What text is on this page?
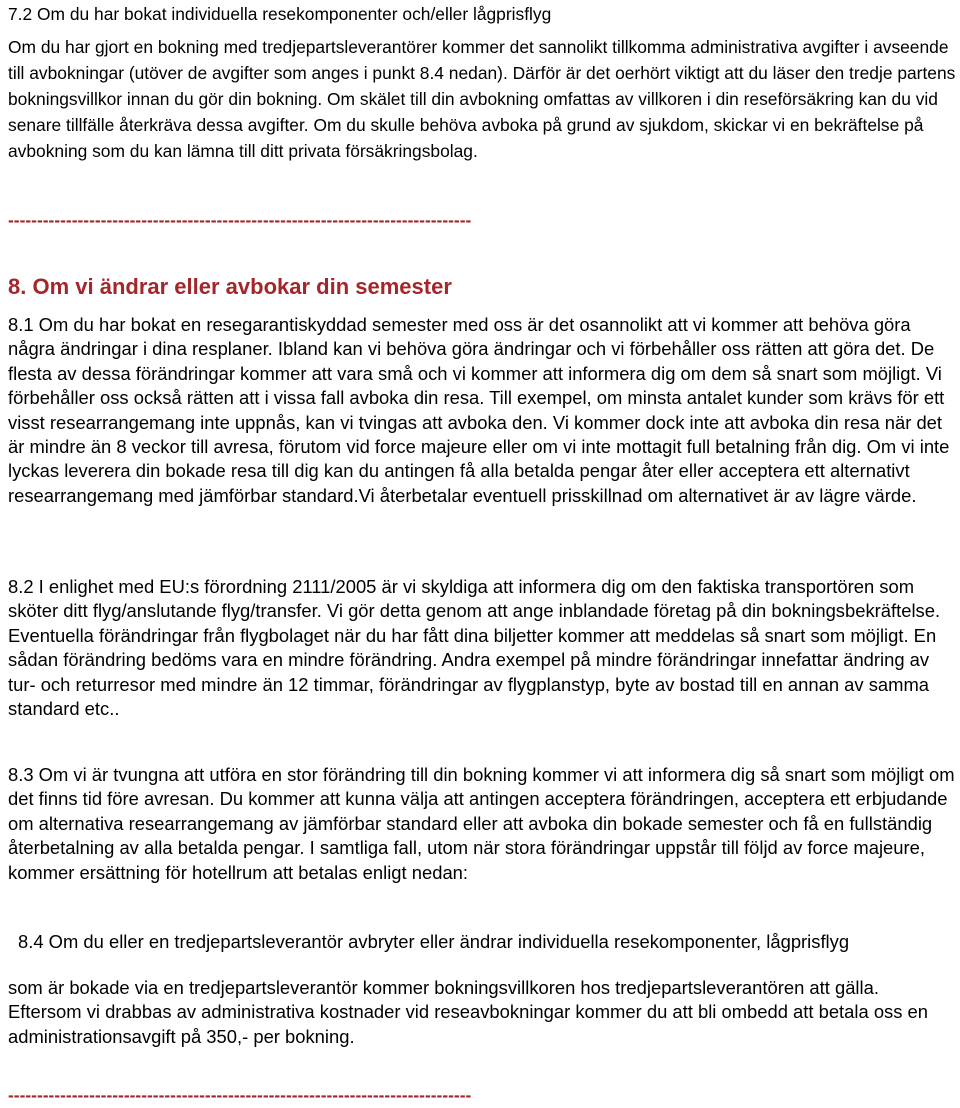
7.2 Om du har bokat individuella resekomponenter och/eller lågprisflyg

Om du har gjort en bokning med tredjepartsleverantörer kommer det sannolikt tillkomma administrativa avgifter i avseende till avbokningar (utöver de avgifter som anges i punkt 8.4 nedan). Därför är det oerhört viktigt att du läser den tredje partens bokningsvillkor innan du gör din bokning. Om skälet till din avbokning omfattas av villkoren i din reseförsäkring kan du vid senare tillfälle återkräva dessa avgifter. Om du skulle behöva avboka på grund av sjukdom, skickar vi en bekräftelse på avbokning som du kan lämna till ditt privata försäkringsbolag.

--------------------------------------------------------------------------------

8. Om vi ändrar eller avbokar din semester

8.1 Om du har bokat en resegarantiskyddad semester med oss är det osannolikt att vi kommer att behöva göra några ändringar i dina resplaner. Ibland kan vi behöva göra ändringar och vi förbehåller oss rätten att göra det. De flesta av dessa förändringar kommer att vara små och vi kommer att informera dig om dem så snart som möjligt. Vi förbehåller oss också rätten att i vissa fall avboka din resa. Till exempel, om minsta antalet kunder som krävs för ett visst researrangemang inte uppnås, kan vi tvingas att avboka den. Vi kommer dock inte att avboka din resa när det är mindre än 8 veckor till avresa, förutom vid force majeure eller om vi inte mottagit full betalning från dig. Om vi inte lyckas leverera din bokade resa till dig kan du antingen få alla betalda pengar åter eller acceptera ett alternativt researrangemang med jämförbar standard.Vi återbetalar eventuell prisskillnad om alternativet är av lägre värde.

8.2 I enlighet med EU:s förordning 2111/2005 är vi skyldiga att informera dig om den faktiska transportören som sköter ditt flyg/anslutande flyg/transfer. Vi gör detta genom att ange inblandade företag på din bokningsbekräftelse. Eventuella förändringar från flygbolaget när du har fått dina biljetter kommer att meddelas så snart som möjligt. En sådan förändring bedöms vara en mindre förändring. Andra exempel på mindre förändringar innefattar ändring av tur- och returresor med mindre än 12 timmar, förändringar av flygplanstyp, byte av bostad till en annan av samma standard etc..

8.3 Om vi är tvungna att utföra en stor förändring till din bokning kommer vi att informera dig så snart som möjligt om det finns tid före avresan. Du kommer att kunna välja att antingen acceptera förändringen, acceptera ett erbjudande om alternativa researrangemang av jämförbar standard eller att avboka din bokade semester och få en fullständig återbetalning av alla betalda pengar. I samtliga fall, utom när stora förändringar uppstår till följd av force majeure, kommer ersättning för hotellrum att betalas enligt nedan:

8.4 Om du eller en tredjepartsleverantör avbryter eller ändrar individuella resekomponenter, lågprisflyg

som är bokade via en tredjepartsleverantör kommer bokningsvillkoren hos tredjepartsleverantören att gälla. Eftersom vi drabbas av administrativa kostnader vid reseavbokningar kommer du att bli ombedd att betala oss en administrationsavgift på 350,- per bokning.

--------------------------------------------------------------------------------
